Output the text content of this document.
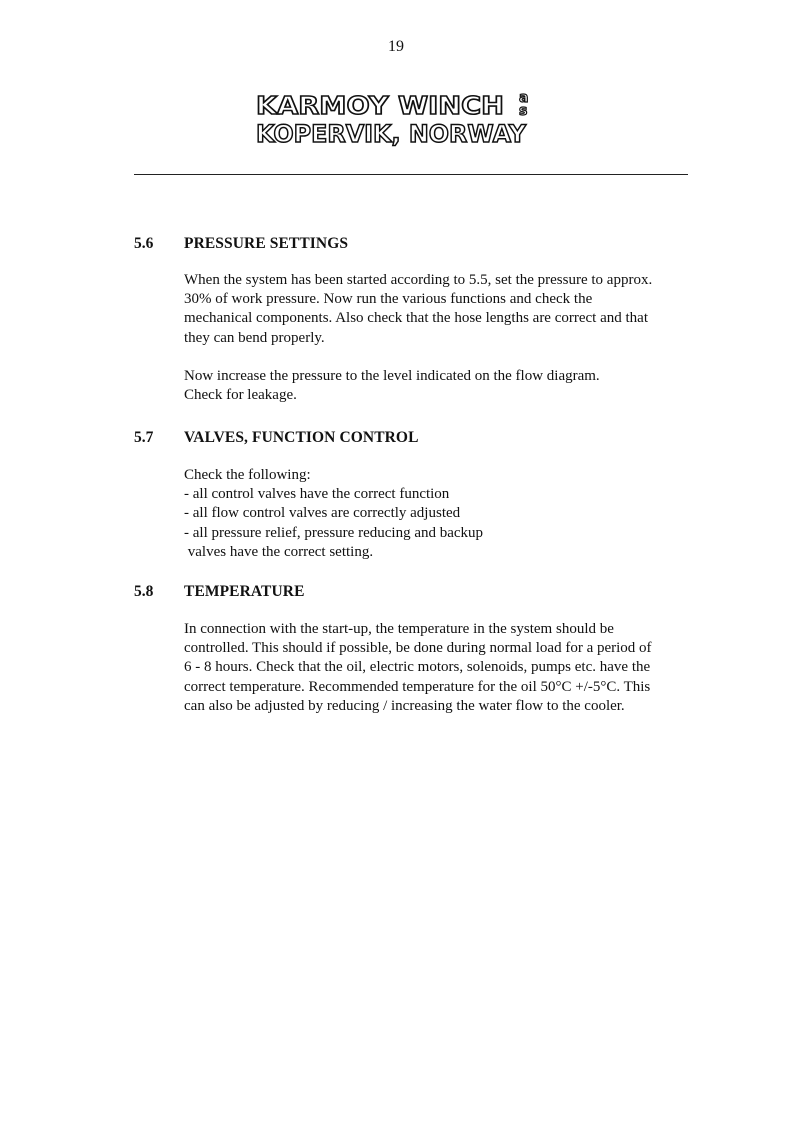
19
KARMOY WINCH a
s
KOPERVIK, NORWAY
5.6 PRESSURE SETTINGS
When the system has been started according to 5.5, set the pressure to approx.
30% of work pressure. Now run the various functions and check the
mechanical components. Also check that the hose lengths are correct and that
they can bend properly.
Now increase the pressure to the level indicated on the flow diagram.
Check for leakage.
5.7 VALVES, FUNCTION CONTROL
Check the following:
- all control valves have the correct function
- all flow control valves are correctly adjusted
- all pressure relief, pressure reducing and backup
valves have the correct setting.
5.8 TEMPERATURE
In connection with the start-up, the temperature in the system should be
controlled. This should if possible, be done during normal load for a period of
6 - 8 hours. Check that the oil, electric motors, solenoids, pumps etc. have the
correct temperature. Recommended temperature for the oil 50°C +/-5°C. This
can also be adjusted by reducing / increasing the water flow to the cooler.
